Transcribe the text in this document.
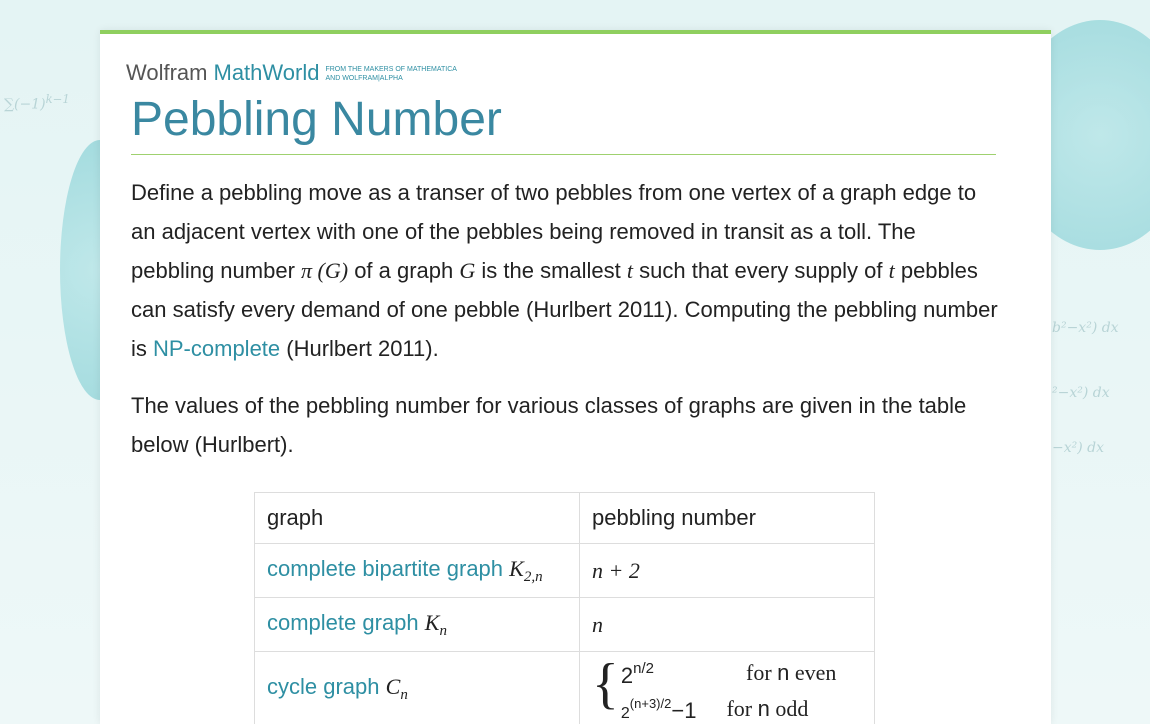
$\sum(-1)^{k-1}$
b²−x²) dx
²−x²) dx
−x²) dx
Wolfram MathWorld FROM THE MAKERS OF MATHEMATICA
AND WOLFRAM|ALPHA
Pebbling Number

Define a pebbling move as a transer of two pebbles from one vertex of a graph edge to an adjacent vertex with one of the pebbles being removed in transit as a toll. The pebbling number π (G) of a graph G is the smallest t such that every supply of t pebbles can satisfy every demand of one pebble (Hurlbert 2011). Computing the pebbling number is NP-complete (Hurlbert 2011).

The values of the pebbling number for various classes of graphs are given in the table below (Hurlbert).

graph	pebbling number
complete bipartite graph $K_{2,n}$	n + 2
complete graph $K_n$	n
cycle graph $C_n$	{ $2^{n/2}$ for n even
$2^{(n+3)/2}-1$ for n odd
